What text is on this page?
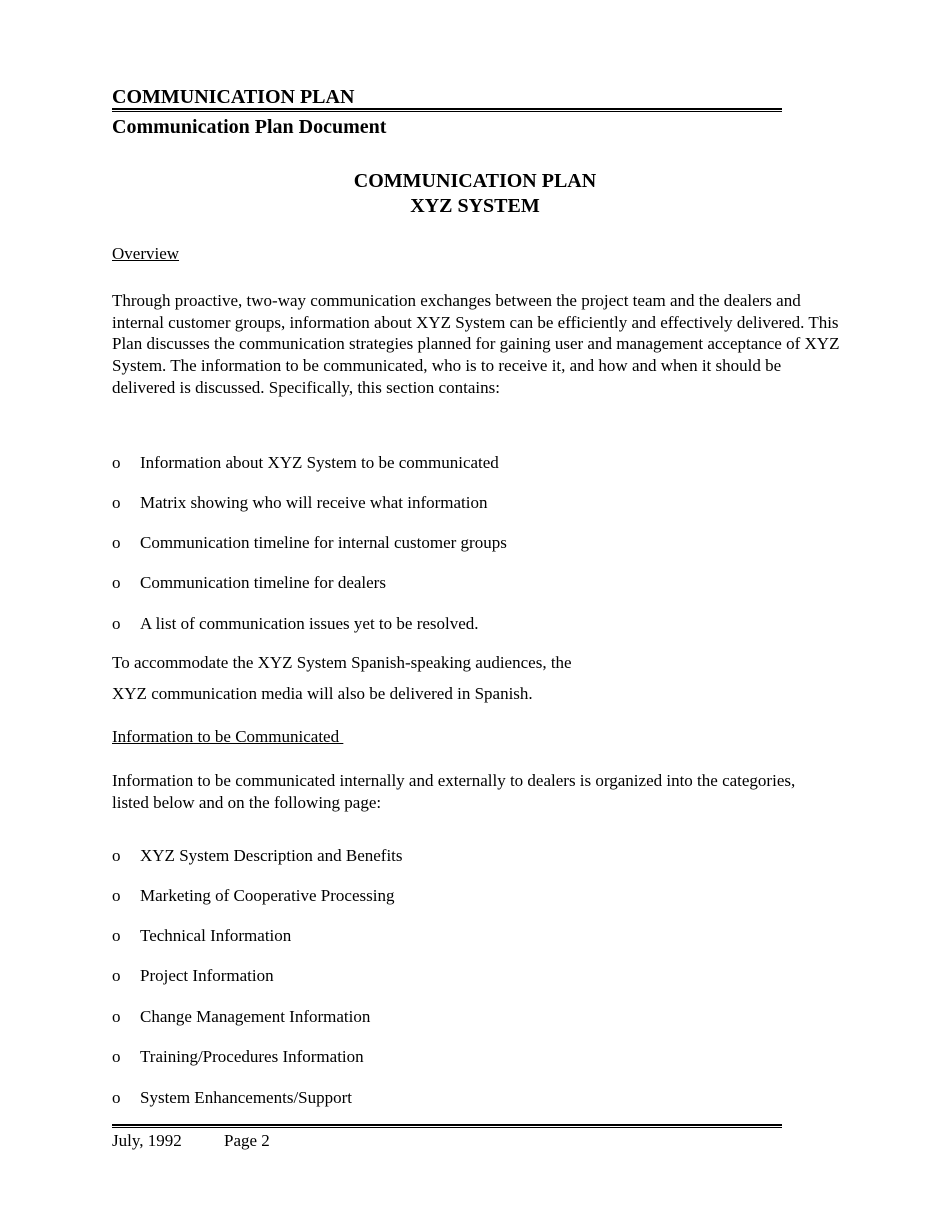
COMMUNICATION PLAN
Communication Plan Document
COMMUNICATION PLAN
XYZ SYSTEM
Overview
Through proactive, two-way communication exchanges between the project team and the dealers and internal customer groups, information about XYZ System can be efficiently and effectively delivered. This Plan discusses the communication strategies planned for gaining user and management acceptance of XYZ System. The information to be communicated, who is to receive it, and how and when it should be delivered is discussed. Specifically, this section contains:
o Information about XYZ System to be communicated
o Matrix showing who will receive what information
o Communication timeline for internal customer groups
o Communication timeline for dealers
o A list of communication issues yet to be resolved.
To accommodate the XYZ System Spanish-speaking audiences, the
XYZ communication media will also be delivered in Spanish.
Information to be Communicated
Information to be communicated internally and externally to dealers is organized into the categories, listed below and on the following page:
o XYZ System Description and Benefits
o Marketing of Cooperative Processing
o Technical Information
o Project Information
o Change Management Information
o Training/Procedures Information
o System Enhancements/Support
July, 1992 Page 2
